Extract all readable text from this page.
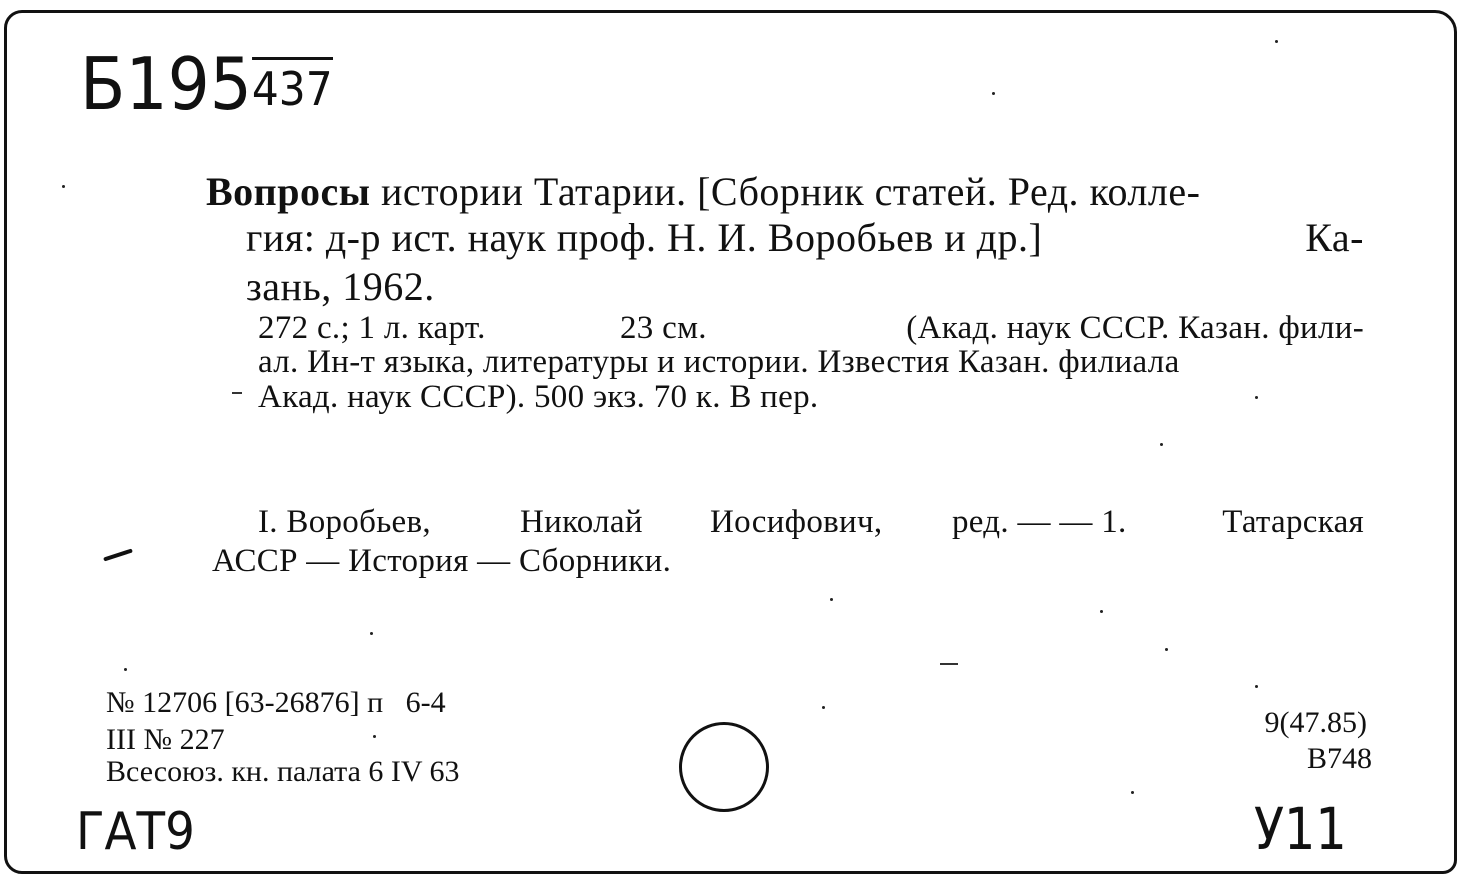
Б195437
Вопросы истории Татарии. [Сборник статей. Ред. колле-
гия: д-р ист. наук проф. Н. И. Воробьев и др.]	Ка-
зань, 1962.
272 с.; 1 л. карт.	23 см.	(Акад. наук СССР. Казан. фили-
ал. Ин-т языка, литературы и истории. Известия Казан. филиала
Акад. наук СССР). 500 экз. 70 к. В пер.
I. Воробьев,	Николай Иосифович, ред. — — 1.	Татарская
АССР — История — Сборники.
№ 12706 [63-26876] п   6-4
III № 227
Всесоюз. кн. палата 6 IV 63
9(47.85)
В748
ГАТ9	У11
